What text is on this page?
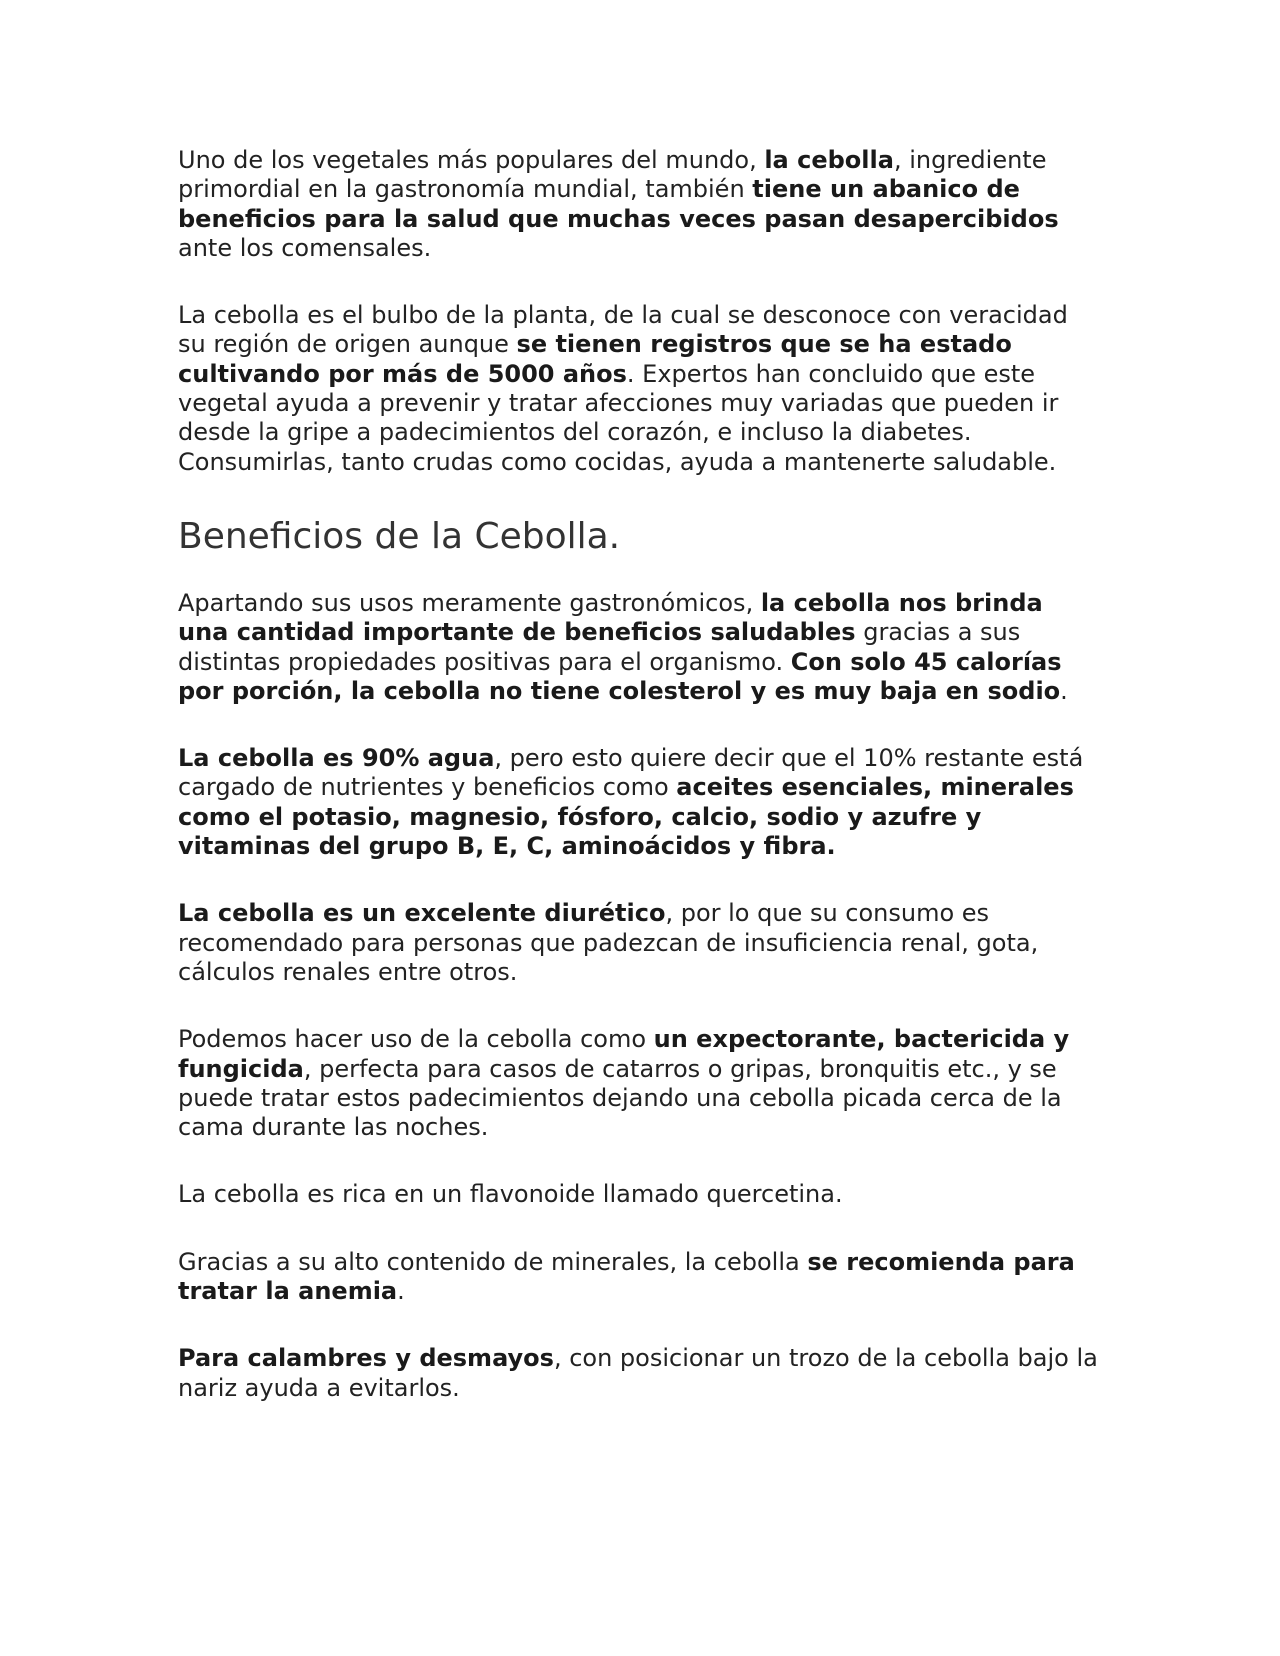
Uno de los vegetales más populares del mundo, la cebolla, ingrediente primordial en la gastronomía mundial, también tiene un abanico de beneficios para la salud que muchas veces pasan desapercibidos ante los comensales.

La cebolla es el bulbo de la planta, de la cual se desconoce con veracidad su región de origen aunque se tienen registros que se ha estado cultivando por más de 5000 años. Expertos han concluido que este vegetal ayuda a prevenir y tratar afecciones muy variadas que pueden ir desde la gripe a padecimientos del corazón, e incluso la diabetes. Consumirlas, tanto crudas como cocidas, ayuda a mantenerte saludable.

Beneficios de la Cebolla.

Apartando sus usos meramente gastronómicos, la cebolla nos brinda una cantidad importante de beneficios saludables gracias a sus distintas propiedades positivas para el organismo. Con solo 45 calorías por porción, la cebolla no tiene colesterol y es muy baja en sodio.

La cebolla es 90% agua, pero esto quiere decir que el 10% restante está cargado de nutrientes y beneficios como aceites esenciales, minerales como el potasio, magnesio, fósforo, calcio, sodio y azufre y vitaminas del grupo B, E, C, aminoácidos y fibra.

La cebolla es un excelente diurético, por lo que su consumo es recomendado para personas que padezcan de insuficiencia renal, gota, cálculos renales entre otros.

Podemos hacer uso de la cebolla como un expectorante, bactericida y fungicida, perfecta para casos de catarros o gripas, bronquitis etc., y se puede tratar estos padecimientos dejando una cebolla picada cerca de la cama durante las noches.

La cebolla es rica en un flavonoide llamado quercetina.

Gracias a su alto contenido de minerales, la cebolla se recomienda para tratar la anemia.

Para calambres y desmayos, con posicionar un trozo de la cebolla bajo la nariz ayuda a evitarlos.
